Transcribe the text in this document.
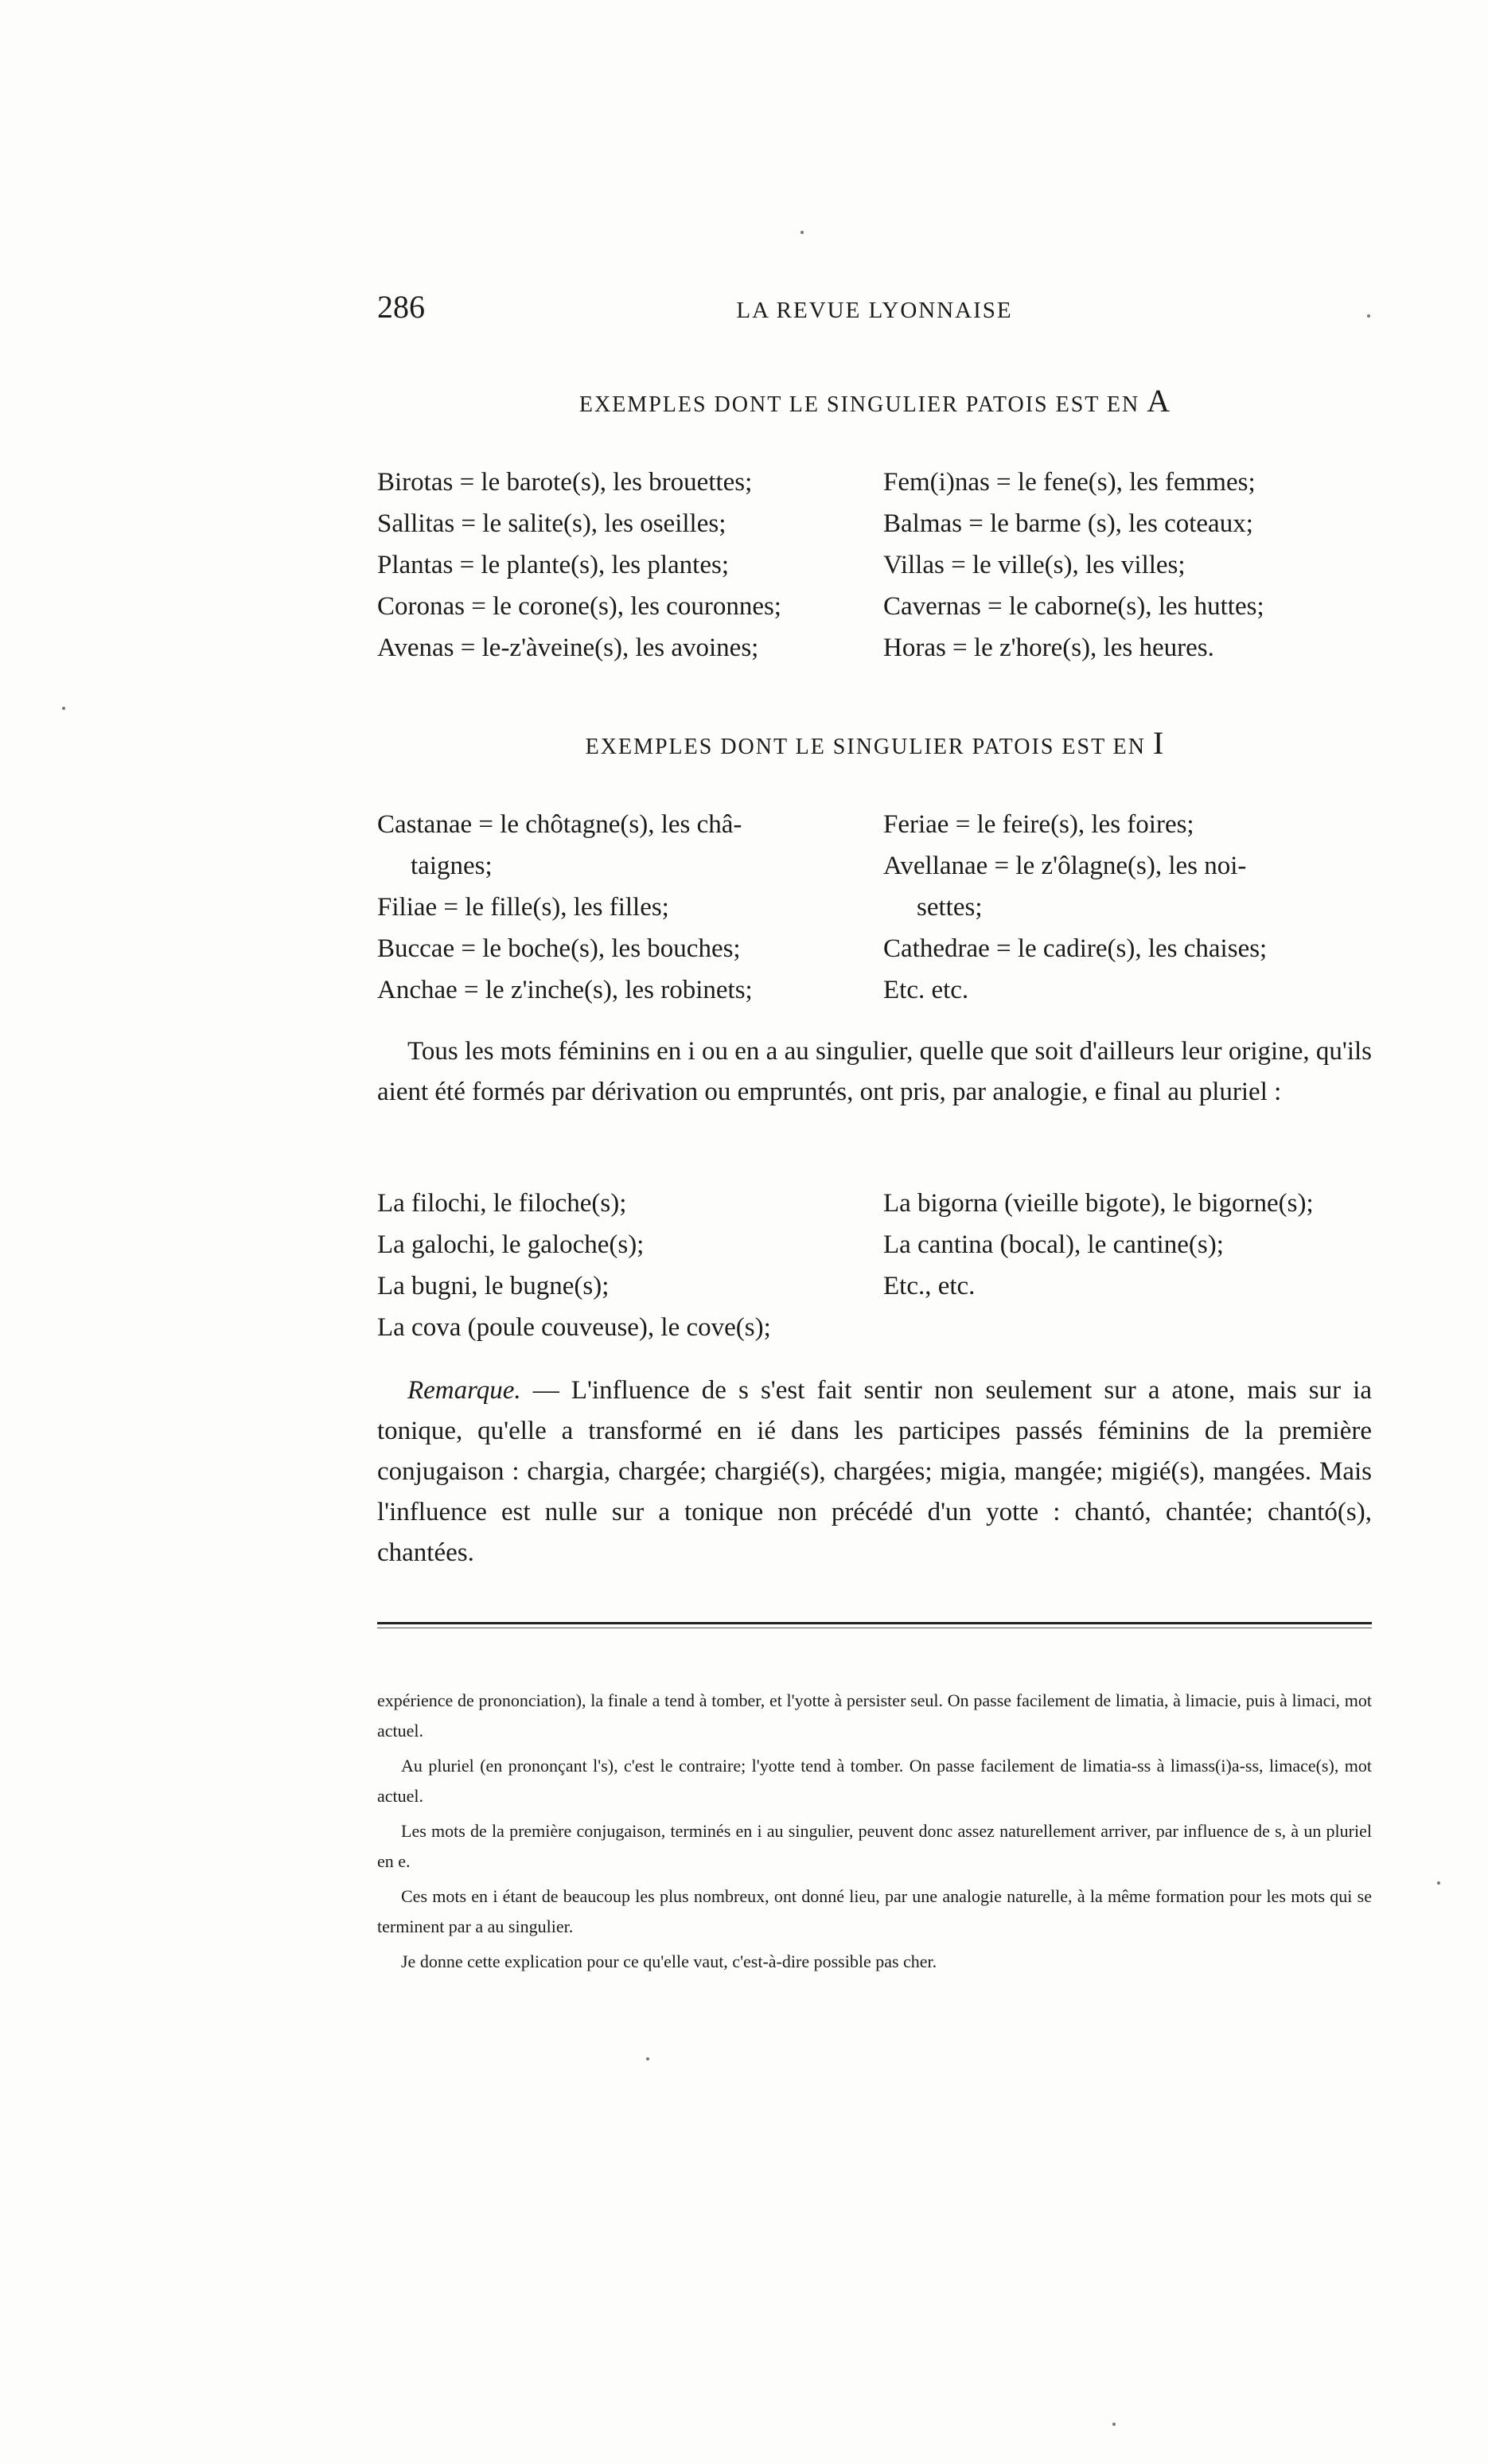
286	LA REVUE LYONNAISE
EXEMPLES DONT LE SINGULIER PATOIS EST EN A
Birotas = le barote(s), les brouettes;
Sallitas = le salite(s), les oseilles;
Plantas = le plante(s), les plantes;
Coronas = le corone(s), les couronnes;
Avenas = le-z'àveine(s), les avoines;
Fem(i)nas = le fene(s), les femmes;
Balmas = le barme (s), les coteaux;
Villas = le ville(s), les villes;
Cavernas = le caborne(s), les huttes;
Horas = le z'hore(s), les heures.
EXEMPLES DONT LE SINGULIER PATOIS EST EN I
Castanae = le chôtagne(s), les châ-
taignes;
Filiae = le fille(s), les filles;
Buccae = le boche(s), les bouches;
Anchae = le z'inche(s), les robinets;
Feriae = le feire(s), les foires;
Avellanae = le z'ôlagne(s), les noi-
settes;
Cathedrae = le cadire(s), les chaises;
Etc. etc.
Tous les mots féminins en i ou en a au singulier, quelle que soit d'ailleurs leur origine, qu'ils aient été formés par dérivation ou empruntés, ont pris, par analogie, e final au pluriel :
La filochi, le filoche(s);
La galochi, le galoche(s);
La bugni, le bugne(s);
La cova (poule couveuse), le cove(s);
La bigorna (vieille bigote), le bigorne(s);
La cantina (bocal), le cantine(s);
Etc., etc.
Remarque. — L'influence de s s'est fait sentir non seulement sur a atone, mais sur ia tonique, qu'elle a transformé en ié dans les participes passés féminins de la première conjugaison : chargia, chargée; chargié(s), chargées; migia, mangée; migié(s), mangées. Mais l'influence est nulle sur a tonique non précédé d'un yotte : chantó, chantée; chantó(s), chantées.

expérience de prononciation), la finale a tend à tomber, et l'yotte à persister seul. On passe facilement de limatia, à limacie, puis à limaci, mot actuel.

Au pluriel (en prononçant l's), c'est le contraire; l'yotte tend à tomber. On passe facilement de limatia-ss à limass(i)a-ss, limace(s), mot actuel.

Les mots de la première conjugaison, terminés en i au singulier, peuvent donc assez naturellement arriver, par influence de s, à un pluriel en e.

Ces mots en i étant de beaucoup les plus nombreux, ont donné lieu, par une analogie naturelle, à la même formation pour les mots qui se terminent par a au singulier.

Je donne cette explication pour ce qu'elle vaut, c'est-à-dire possible pas cher.
